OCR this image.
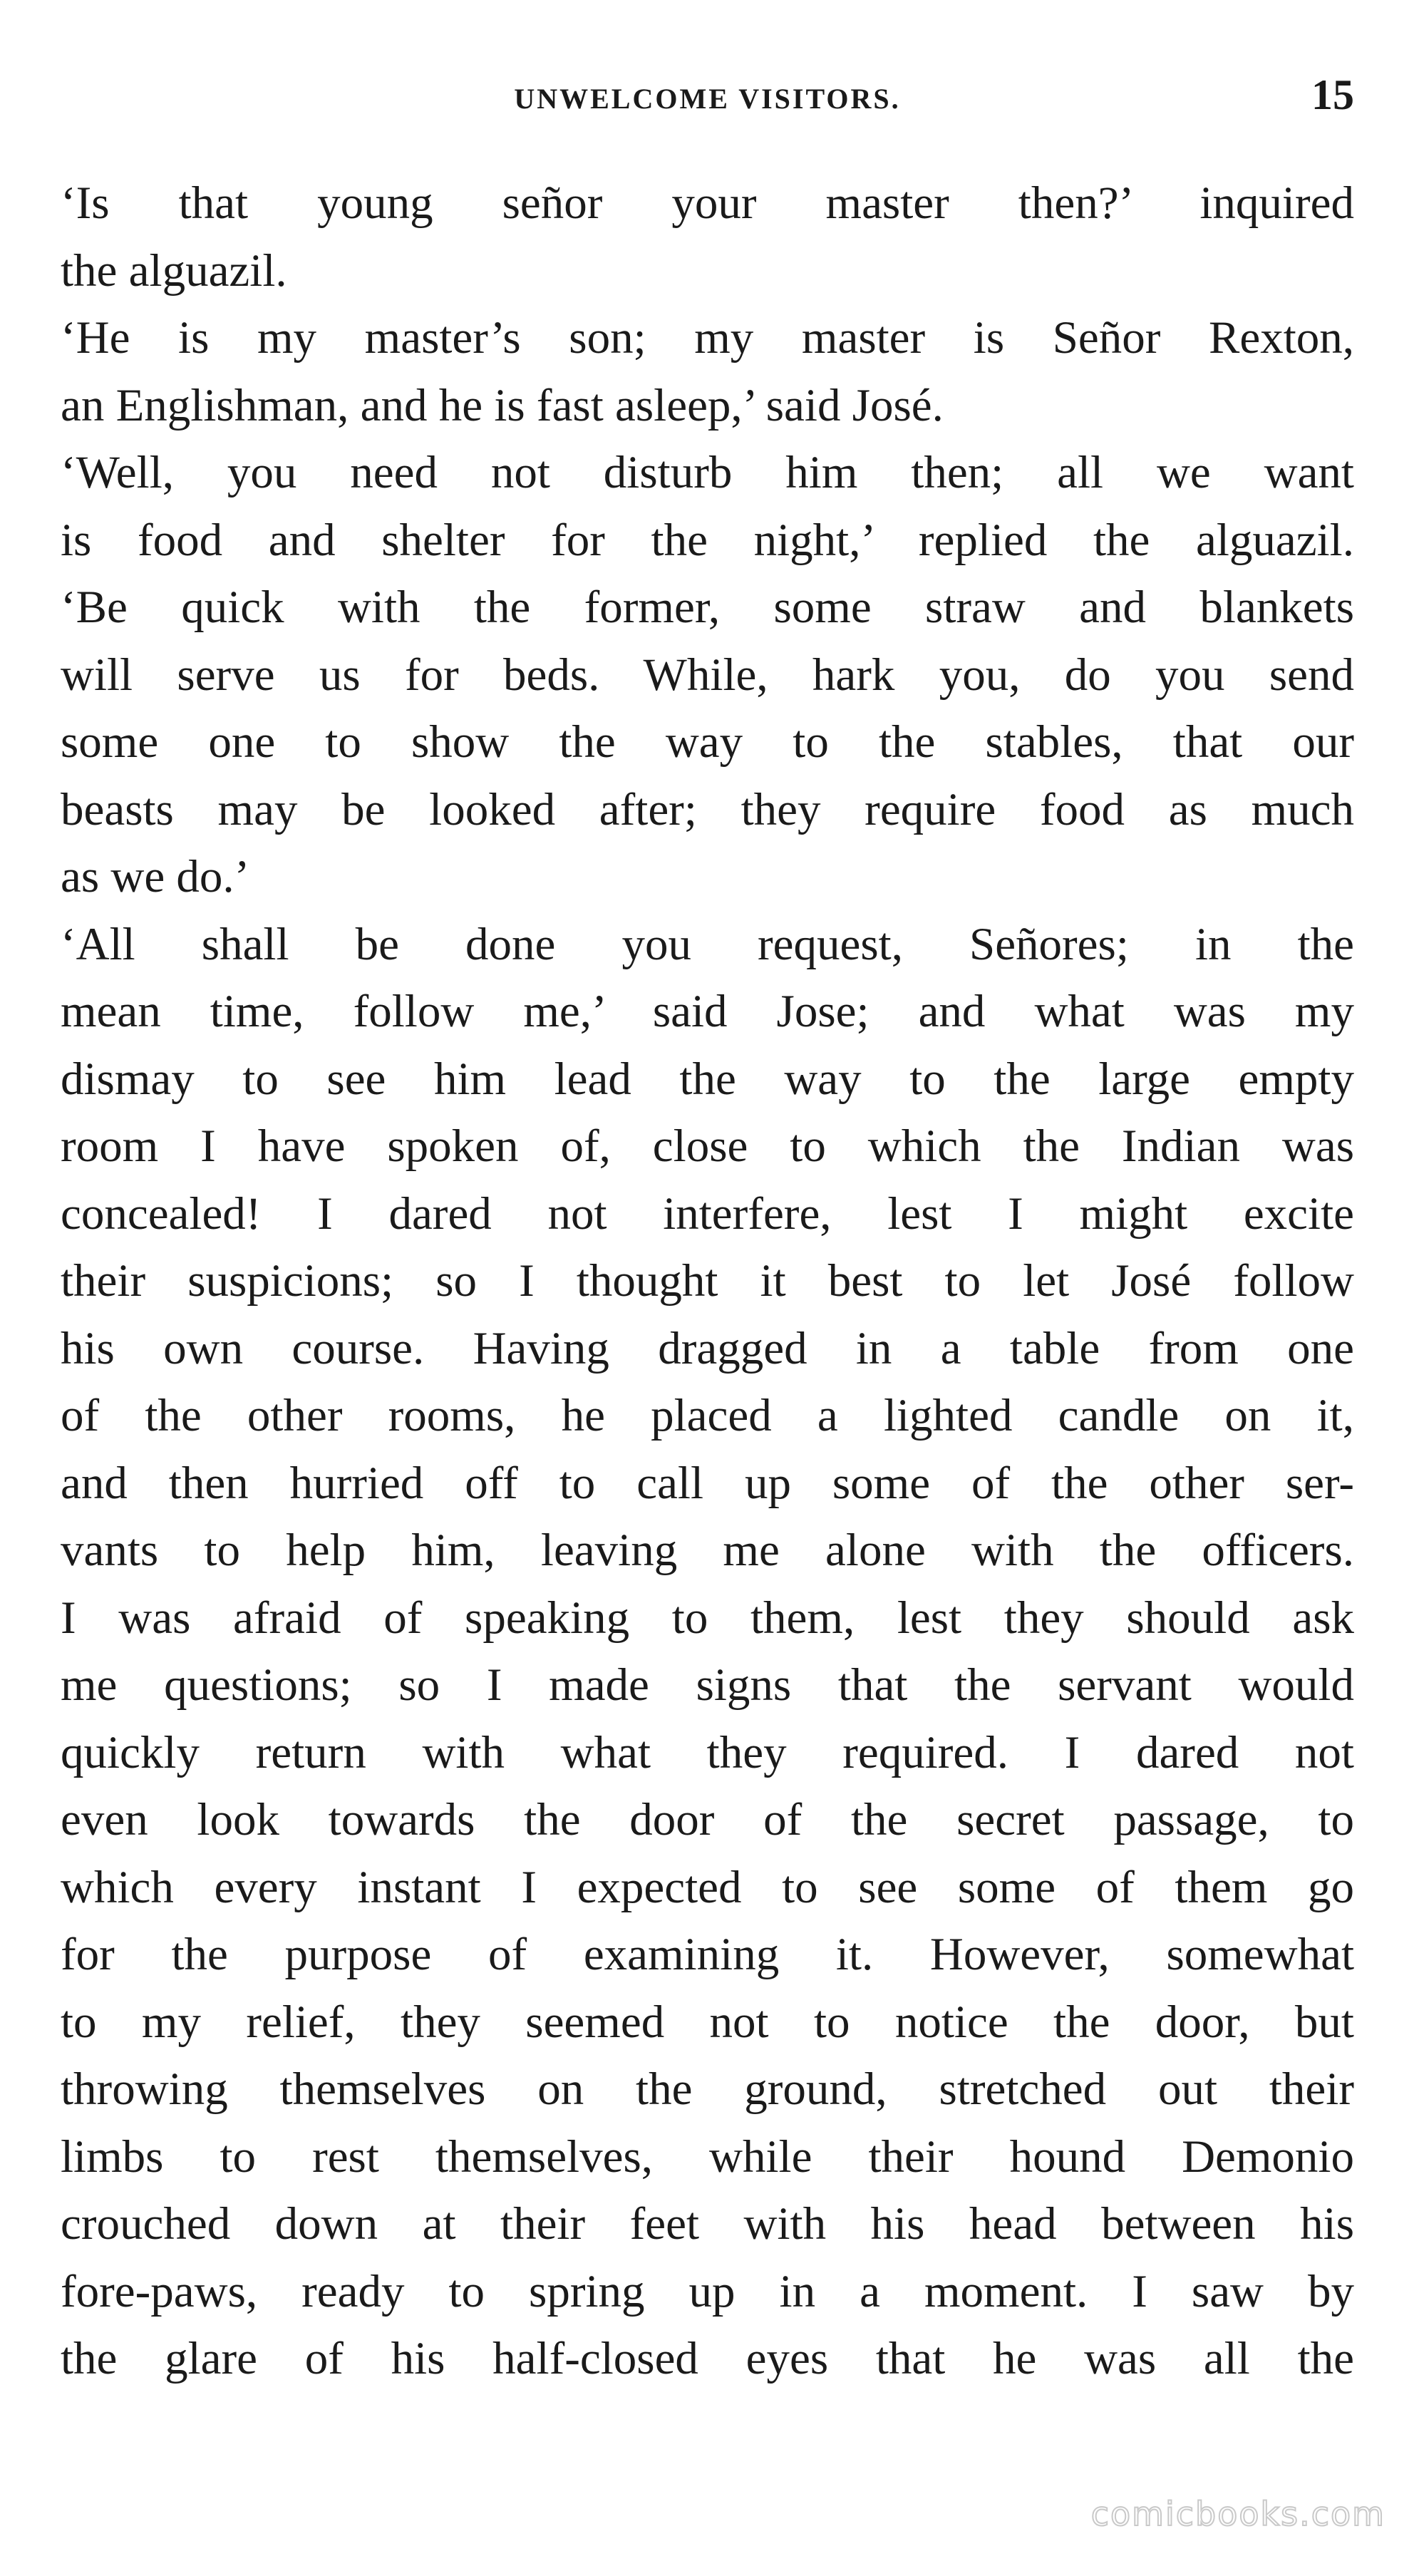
UNWELCOME VISITORS.	15
‘Is that young señor your master then?’ inquired
the alguazil.
‘He is my master’s son; my master is Señor Rexton,
an Englishman, and he is fast asleep,’ said José.
‘Well, you need not disturb him then; all we want
is food and shelter for the night,’ replied the alguazil.
‘Be quick with the former, some straw and blankets
will serve us for beds. While, hark you, do you send
some one to show the way to the stables, that our
beasts may be looked after; they require food as much
as we do.’
‘All shall be done you request, Señores; in the
mean time, follow me,’ said Jose; and what was my
dismay to see him lead the way to the large empty
room I have spoken of, close to which the Indian was
concealed! I dared not interfere, lest I might excite
their suspicions; so I thought it best to let José follow
his own course. Having dragged in a table from one
of the other rooms, he placed a lighted candle on it,
and then hurried off to call up some of the other ser-
vants to help him, leaving me alone with the officers.
I was afraid of speaking to them, lest they should ask
me questions; so I made signs that the servant would
quickly return with what they required. I dared not
even look towards the door of the secret passage, to
which every instant I expected to see some of them go
for the purpose of examining it. However, somewhat
to my relief, they seemed not to notice the door, but
throwing themselves on the ground, stretched out their
limbs to rest themselves, while their hound Demonio
crouched down at their feet with his head between his
fore-paws, ready to spring up in a moment. I saw by
the glare of his half-closed eyes that he was all the
comicbooks.com
